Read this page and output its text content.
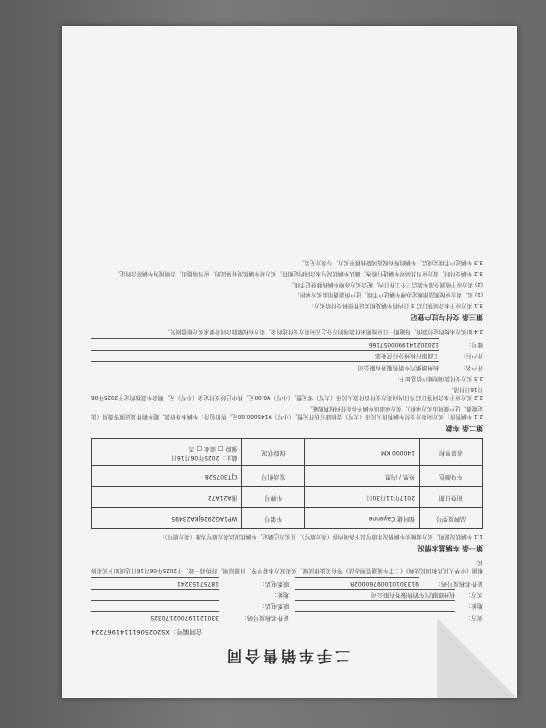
二手车销售合同
合同编号：XS20250611141967224
卖方：
证件名称及号码：
330121197002170325
地址：
联系电话：
买方：
杭州朗骐汽车销售服务有限公司
地址：
证件名称及号码：
91330101009760002R
联系电话：
18757153241
根据《中华人民共和国民法典》《二手车流通管理办法》等有关法律法规，买卖双方本着平等、自愿原则，经协商一致，于2025年06月16日达成如下买卖协议：
第一条 车辆基本情况
1.1 车辆状况说明。买方需核实车辆情况并填写以下各项内容（卖方填写），且买方已确定，车辆状况以卖方填写为准（卖方填写）：
品牌及型号	保时捷 Cayenne	车架号	WP1AG2926JKA23495
初登日期	2017年11月30日	车牌号	浙A21A72
车身颜色	外黑 / 内黑	发动机号	CJT307528
表显里程	140000 KM	保险状况	截止：2025年06月16日
强险 □ 商业 □ 否
第二条 车款
2.1 车辆售价：买方向卖方支付车辆售价人民币（大写）壹拾肆万伍仟元整，（小写）¥145000.00元。售价包含：车辆本身价款、随车附件及证照等费用（法定税费、过户费用由买方承担），卖方承诺该车辆不存在任何权利瑕疵。
2.2 买方应于本合同签订后当日内向卖方支付首付款人民币（大写）零元整，（小写）¥0.00元，其中已经支付定金（小写）元，剩余车款按约定于2025年06月16日付清。
2.3 买方支付款项的账户信息如下：
开户名：
杭州朗骐汽车销售服务有限公司
开户行：
工商银行杭州分行营业部
账号：
1202021419900057166
2.4 如买方未按约定付款的，每逾期一日应按照未付款项的万分之五向卖方支付违约金。卖方有权解除合同并要求买方赔偿损失。
第三条 交付与过户登记
3.1 卖方应于本合同签订后 3 日内将车辆及相关证件资料交付给买方：
(1) 买、卖方应按照法律规定办理车辆过户手续，过户所需费用由买方承担；
(2) 卖方应于收到全部车款后三个工作日内，配合买方办理车辆转移登记手续。
3.2 车辆交付时，双方应当共同对车辆进行检查，确认车辆状况与本合同约定相符。买方对车辆状况有异议的，应当场提出，否则视为车辆符合约定。
3.3 车辆过户手续完成后，车辆的所有权及风险转移至买方，与卖方无关。
